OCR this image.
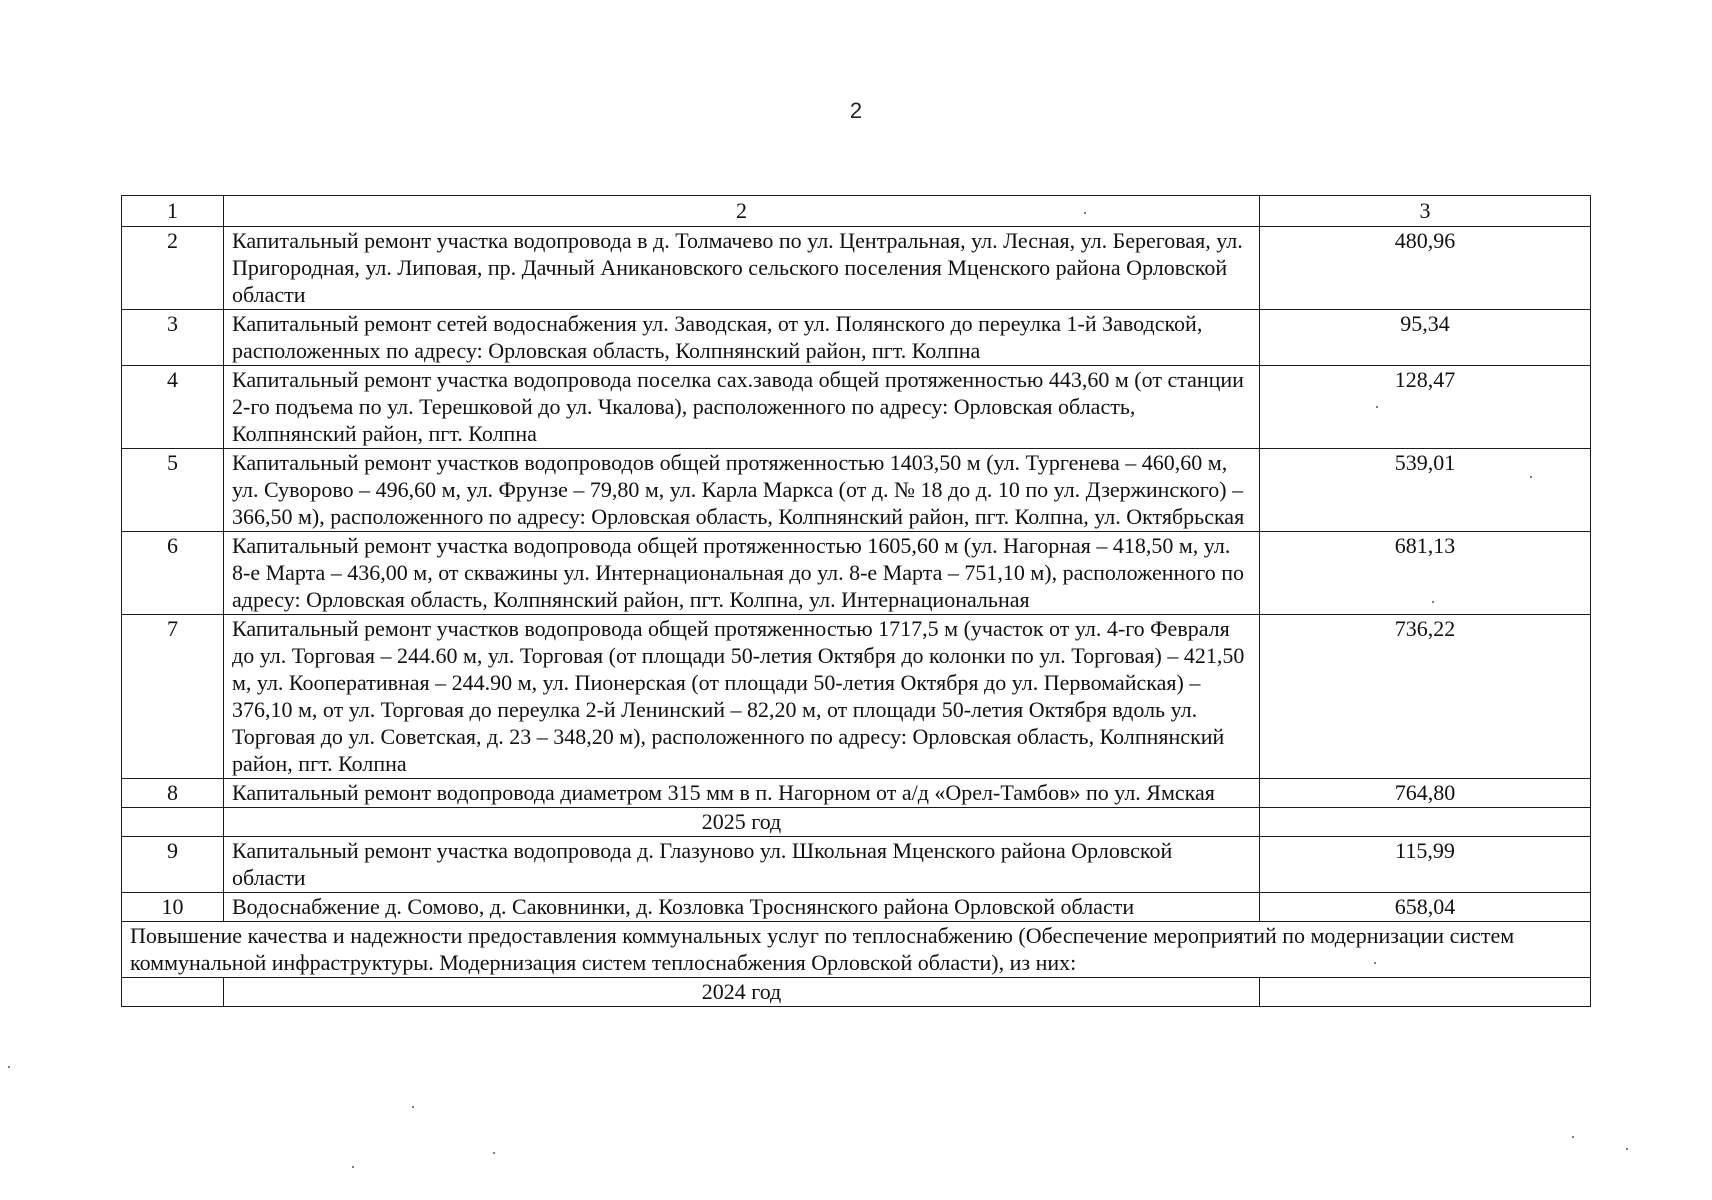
2
1	2	3
2	Капитальный ремонт участка водопровода в д. Толмачево по ул. Центральная, ул. Лесная, ул. Береговая, ул. Пригородная, ул. Липовая, пр. Дачный Аникановского сельского поселения Мценского района Орловской области	480,96
3	Капитальный ремонт сетей водоснабжения ул. Заводская, от ул. Полянского до переулка 1-й Заводской, расположенных по адресу: Орловская область, Колпнянский район, пгт. Колпна	95,34
4	Капитальный ремонт участка водопровода поселка сах.завода общей протяженностью 443,60 м (от станции 2-го подъема по ул. Терешковой до ул. Чкалова), расположенного по адресу: Орловская область, Колпнянский район, пгт. Колпна	128,47
5	Капитальный ремонт участков водопроводов общей протяженностью 1403,50 м (ул. Тургенева – 460,60 м, ул. Суворово – 496,60 м, ул. Фрунзе – 79,80 м, ул. Карла Маркса (от д. № 18 до д. 10 по ул. Дзержинского) – 366,50 м), расположенного по адресу: Орловская область, Колпнянский район, пгт. Колпна, ул. Октябрьская	539,01
6	Капитальный ремонт участка водопровода общей протяженностью 1605,60 м (ул. Нагорная – 418,50 м, ул. 8-е Марта – 436,00 м, от скважины ул. Интернациональная до ул. 8-е Марта – 751,10 м), расположенного по адресу: Орловская область, Колпнянский район, пгт. Колпна, ул. Интернациональная	681,13
7	Капитальный ремонт участков водопровода общей протяженностью 1717,5 м (участок от ул. 4-го Февраля до ул. Торговая – 244.60 м, ул. Торговая (от площади 50-летия Октября до колонки по ул. Торговая) – 421,50 м, ул. Кооперативная – 244.90 м, ул. Пионерская (от площади 50-летия Октября до ул. Первомайская) – 376,10 м, от ул. Торговая до переулка 2-й Ленинский – 82,20 м, от площади 50-летия Октября вдоль ул. Торговая до ул. Советская, д. 23 – 348,20 м), расположенного по адресу: Орловская область, Колпнянский район, пгт. Колпна	736,22
8	Капитальный ремонт водопровода диаметром 315 мм в п. Нагорном от а/д «Орел-Тамбов» по ул. Ямская	764,80
	2025 год	
9	Капитальный ремонт участка водопровода д. Глазуново ул. Школьная Мценского района Орловской области	115,99
10	Водоснабжение д. Сомово, д. Саковнинки, д. Козловка Троснянского района Орловской области	658,04
Повышение качества и надежности предоставления коммунальных услуг по теплоснабжению (Обеспечение мероприятий по модернизации систем коммунальной инфраструктуры. Модернизация систем теплоснабжения Орловской области), из них:		
	2024 год	
